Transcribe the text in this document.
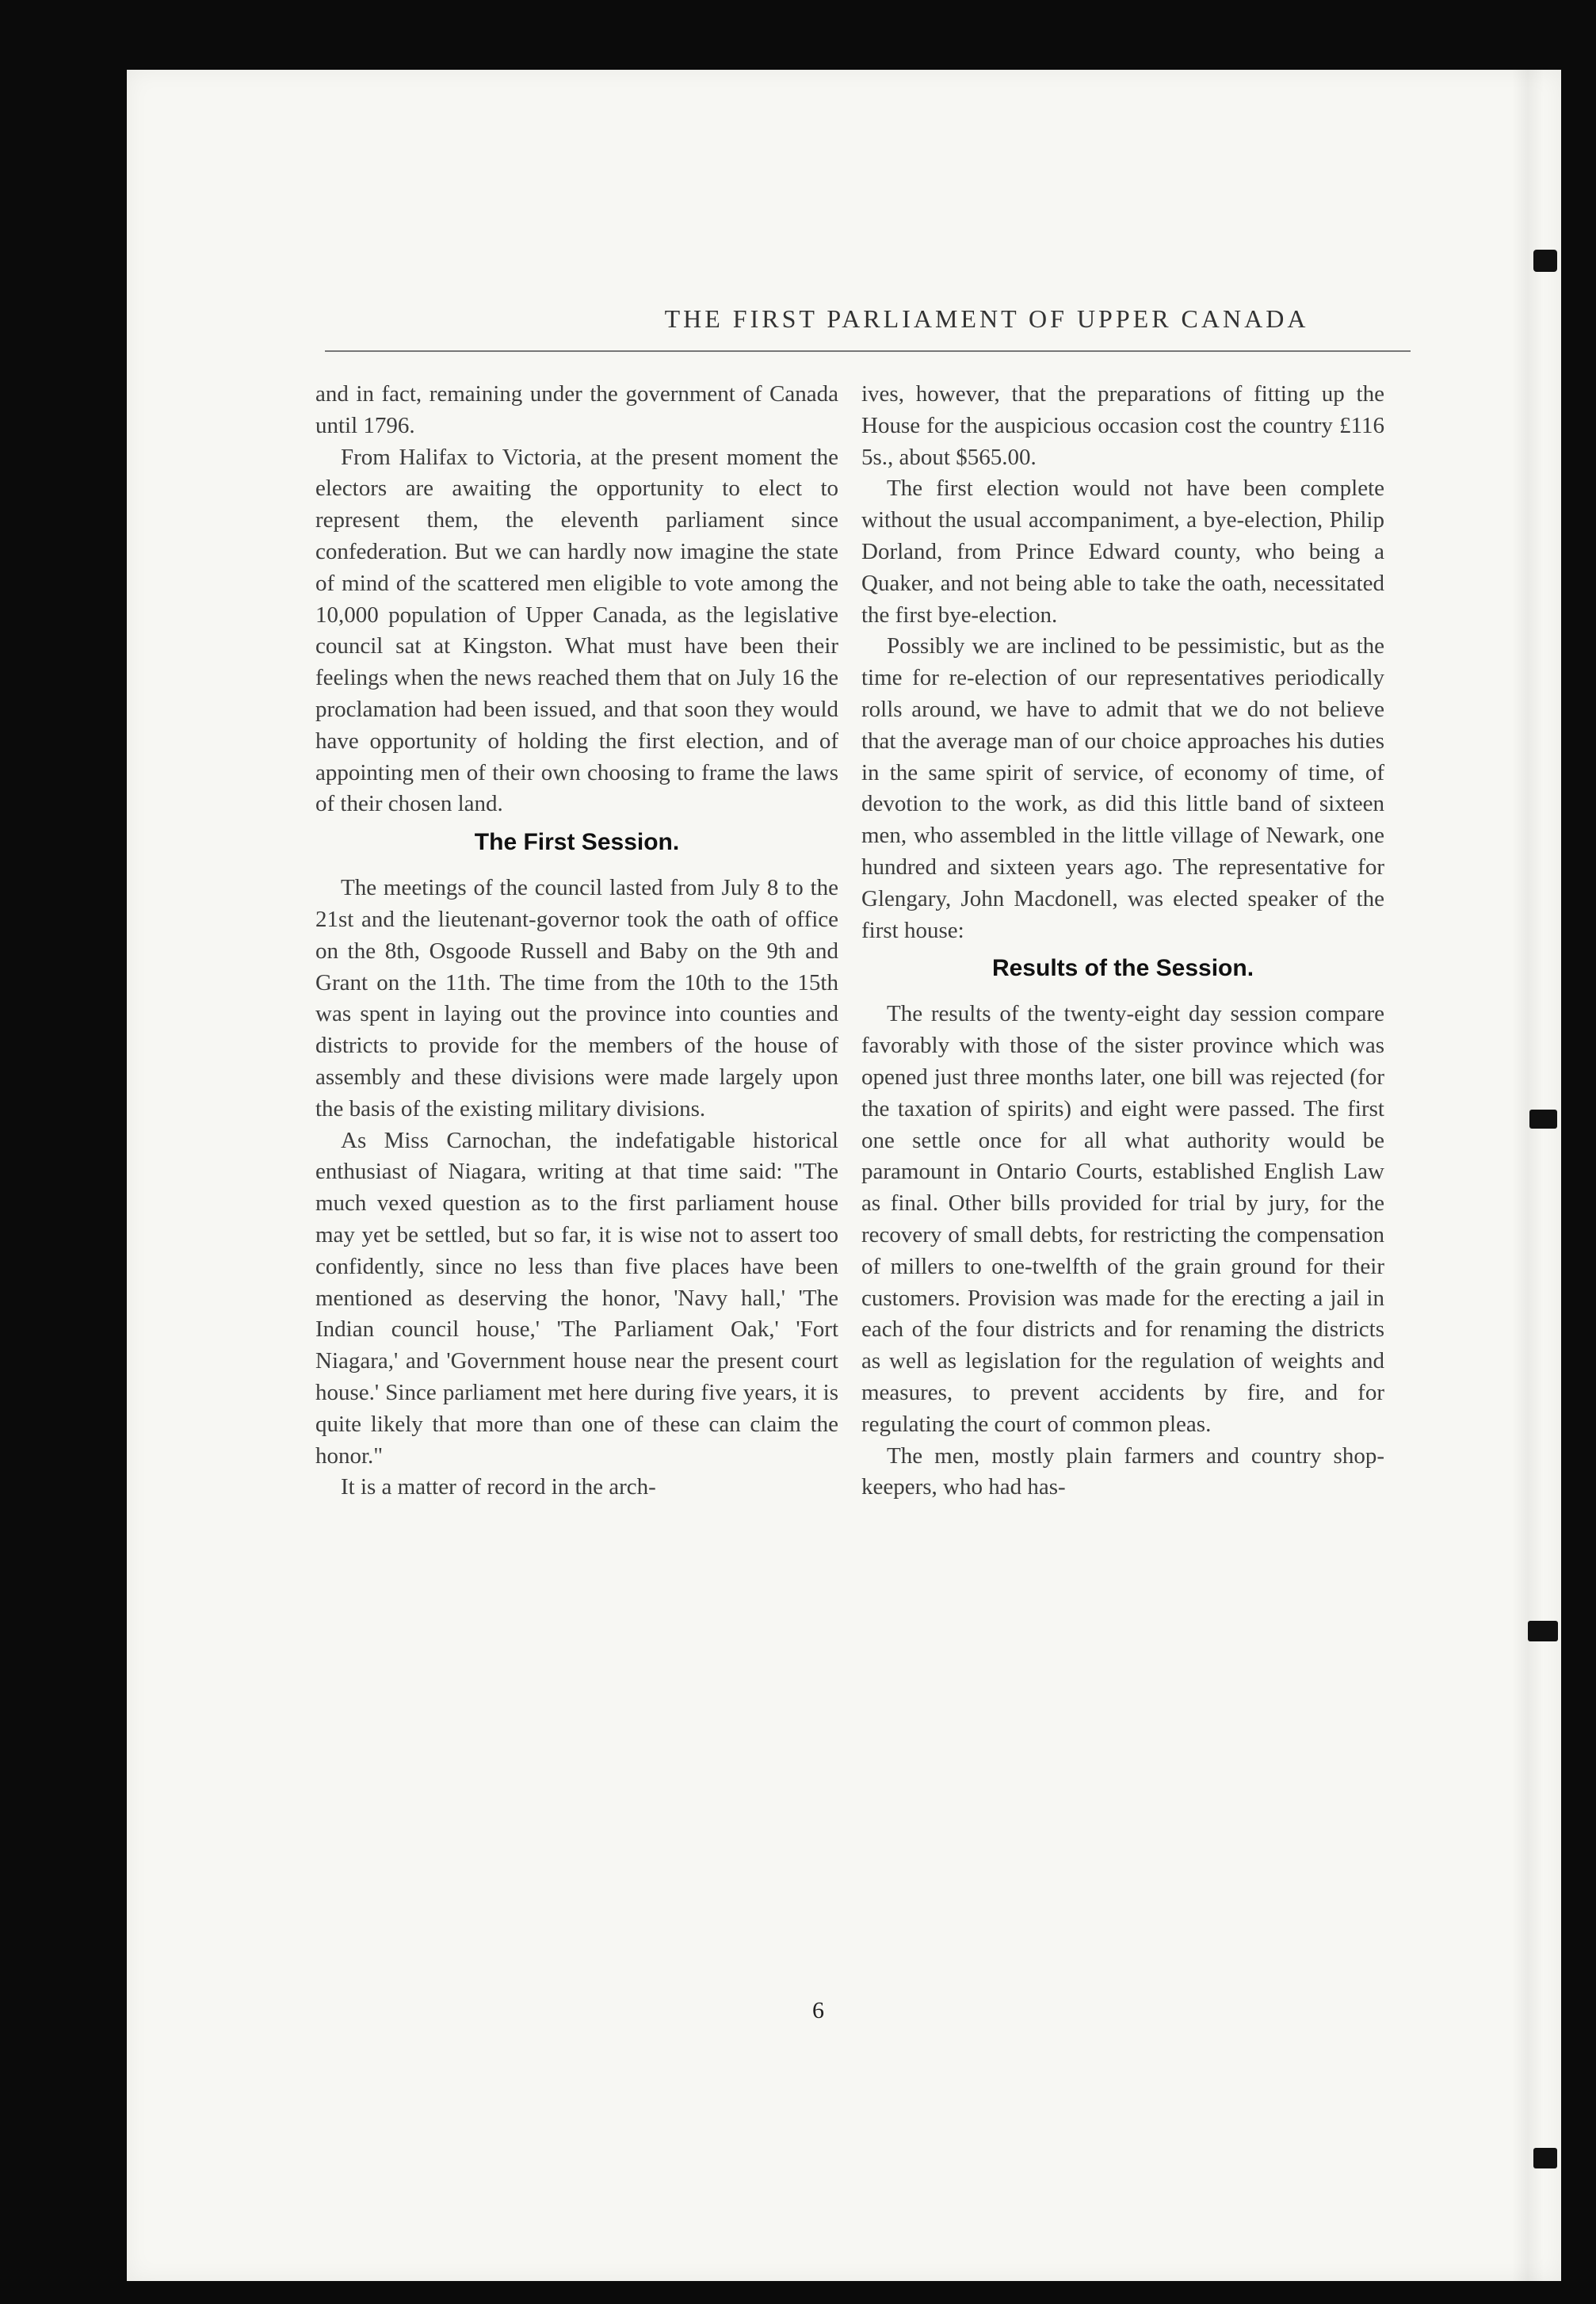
THE FIRST PARLIAMENT OF UPPER CANADA

and in fact, remaining under the government of Canada until 1796.

From Halifax to Victoria, at the present moment the electors are awaiting the opportunity to elect to represent them, the eleventh parliament since confederation. But we can hardly now imagine the state of mind of the scattered men eligible to vote among the 10,000 population of Upper Canada, as the legislative council sat at Kingston. What must have been their feelings when the news reached them that on July 16 the proclamation had been issued, and that soon they would have opportunity of holding the first election, and of appointing men of their own choosing to frame the laws of their chosen land.

The First Session.

The meetings of the council lasted from July 8 to the 21st and the lieutenant-governor took the oath of office on the 8th, Osgoode Russell and Baby on the 9th and Grant on the 11th. The time from the 10th to the 15th was spent in laying out the province into counties and districts to provide for the members of the house of assembly and these divisions were made largely upon the basis of the existing military divisions.

As Miss Carnochan, the indefatigable historical enthusiast of Niagara, writing at that time said: "The much vexed question as to the first parliament house may yet be settled, but so far, it is wise not to assert too confidently, since no less than five places have been mentioned as deserving the honor, 'Navy hall,' 'The Indian council house,' 'The Parliament Oak,' 'Fort Niagara,' and 'Government house near the present court house.' Since parliament met here during five years, it is quite likely that more than one of these can claim the honor."

It is a matter of record in the arch-

ives, however, that the preparations of fitting up the House for the auspicious occasion cost the country £116 5s., about $565.00.

The first election would not have been complete without the usual accompaniment, a bye-election, Philip Dorland, from Prince Edward county, who being a Quaker, and not being able to take the oath, necessitated the first bye-election.

Possibly we are inclined to be pessimistic, but as the time for re-election of our representatives periodically rolls around, we have to admit that we do not believe that the average man of our choice approaches his duties in the same spirit of service, of economy of time, of devotion to the work, as did this little band of sixteen men, who assembled in the little village of Newark, one hundred and sixteen years ago. The representative for Glengary, John Macdonell, was elected speaker of the first house:

Results of the Session.

The results of the twenty-eight day session compare favorably with those of the sister province which was opened just three months later, one bill was rejected (for the taxation of spirits) and eight were passed. The first one settle once for all what authority would be paramount in Ontario Courts, established English Law as final. Other bills provided for trial by jury, for the recovery of small debts, for restricting the compensation of millers to one-twelfth of the grain ground for their customers. Provision was made for the erecting a jail in each of the four districts and for renaming the districts as well as legislation for the regulation of weights and measures, to prevent accidents by fire, and for regulating the court of common pleas.

The men, mostly plain farmers and country shop-keepers, who had has-

6
